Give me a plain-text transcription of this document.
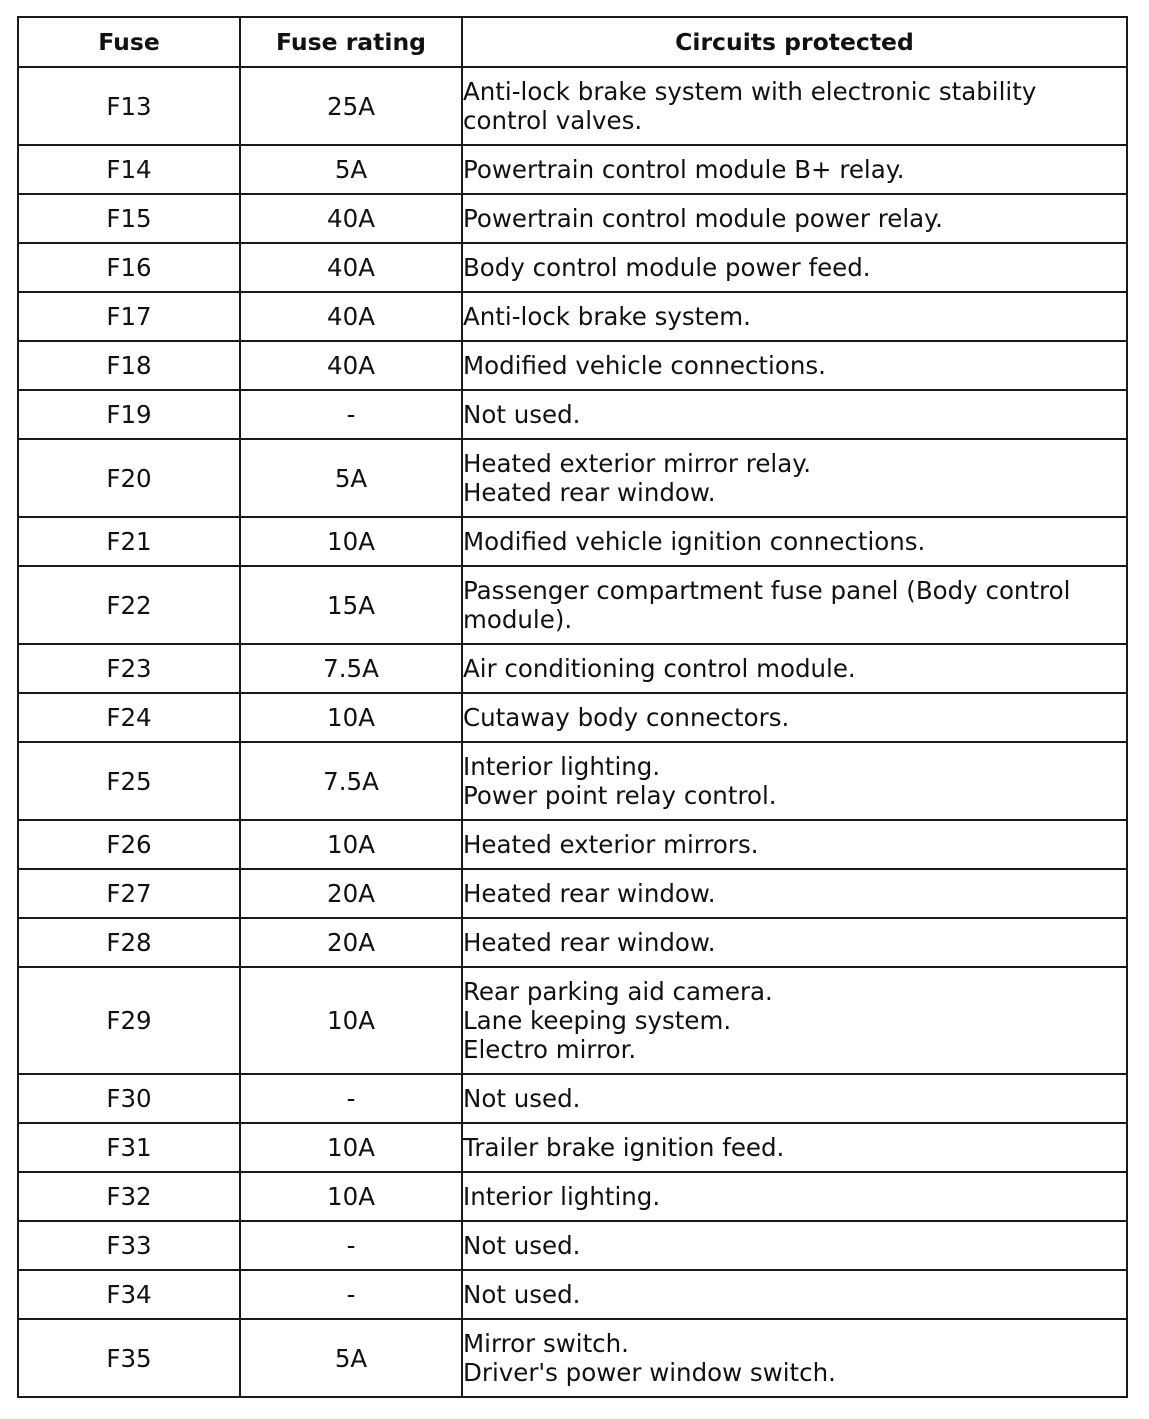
Fuse	Fuse rating	Circuits protected
F13	25A	Anti-lock brake system with electronic stability
control valves.

F14	5A	Powertrain control module B+ relay.

F15	40A	Powertrain control module power relay.

F16	40A	Body control module power feed.

F17	40A	Anti-lock brake system.

F18	40A	Modified vehicle connections.

F19	-	Not used.

F20	5A	Heated exterior mirror relay.
Heated rear window.

F21	10A	Modified vehicle ignition connections.

F22	15A	Passenger compartment fuse panel (Body control
module).

F23	7.5A	Air conditioning control module.

F24	10A	Cutaway body connectors.

F25	7.5A	Interior lighting.
Power point relay control.

F26	10A	Heated exterior mirrors.

F27	20A	Heated rear window.

F28	20A	Heated rear window.

F29	10A	Rear parking aid camera.
Lane keeping system.
Electro mirror.

F30	-	Not used.

F31	10A	Trailer brake ignition feed.

F32	10A	Interior lighting.

F33	-	Not used.

F34	-	Not used.

F35	5A	Mirror switch.
Driver's power window switch.
